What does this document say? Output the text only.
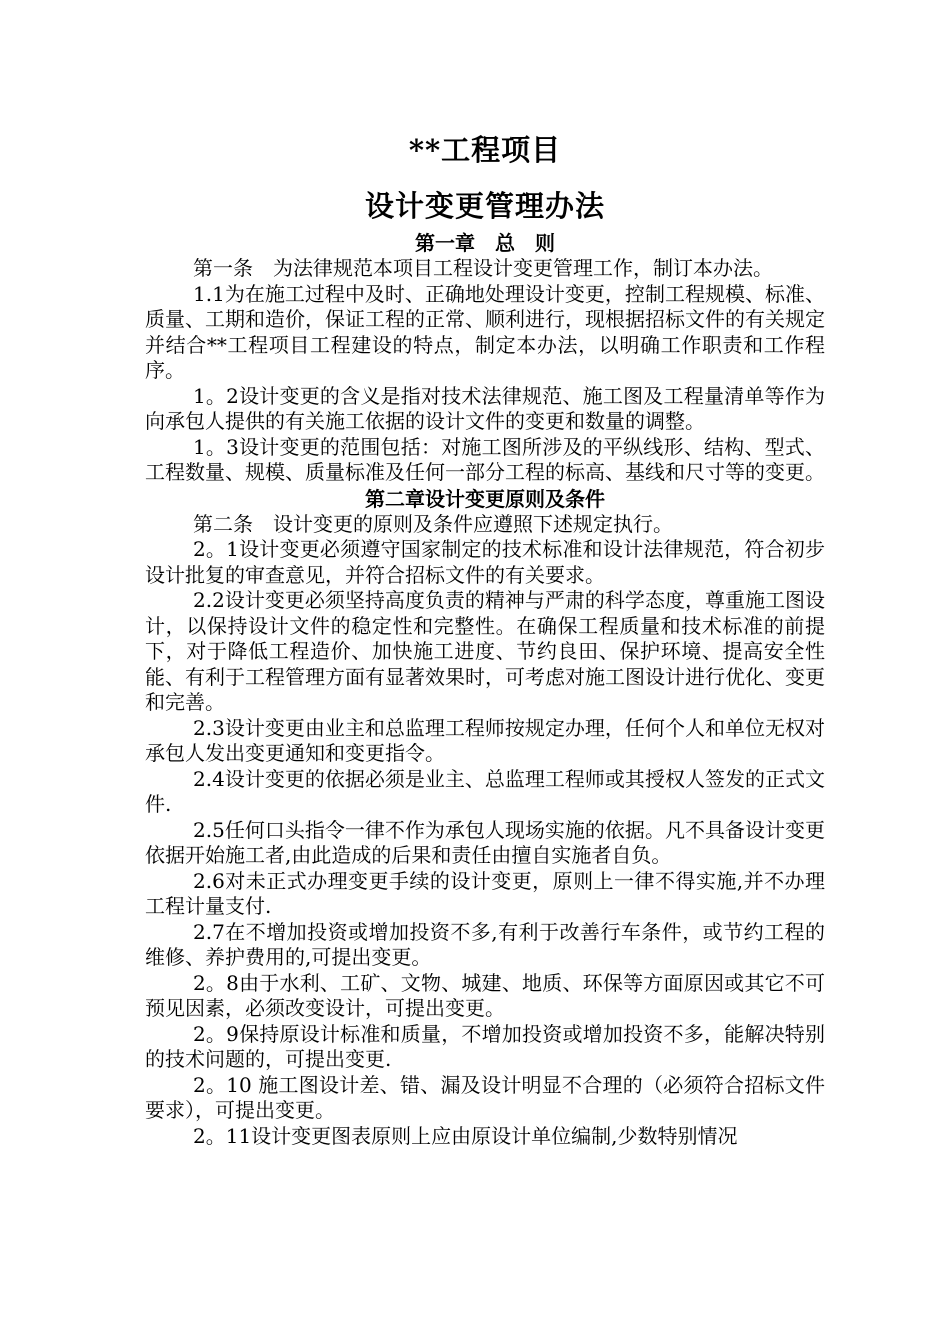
**工程项目
设计变更管理办法
第一章　总　则

第一条　为法律规范本项目工程设计变更管理工作，制订本办法。

1.1为在施工过程中及时、正确地处理设计变更，控制工程规模、标准、质量、工期和造价，保证工程的正常、顺利进行，现根据招标文件的有关规定并结合**工程项目工程建设的特点，制定本办法，以明确工作职责和工作程序。

1。2设计变更的含义是指对技术法律规范、施工图及工程量清单等作为向承包人提供的有关施工依据的设计文件的变更和数量的调整。

1。3设计变更的范围包括：对施工图所涉及的平纵线形、结构、型式、工程数量、规模、质量标准及任何一部分工程的标高、基线和尺寸等的变更。

第二章设计变更原则及条件

第二条　设计变更的原则及条件应遵照下述规定执行。

2。1设计变更必须遵守国家制定的技术标准和设计法律规范，符合初步设计批复的审查意见，并符合招标文件的有关要求。

2.2设计变更必须坚持高度负责的精神与严肃的科学态度，尊重施工图设计，以保持设计文件的稳定性和完整性。在确保工程质量和技术标准的前提下，对于降低工程造价、加快施工进度、节约良田、保护环境、提高安全性能、有利于工程管理方面有显著效果时，可考虑对施工图设计进行优化、变更和完善。

2.3设计变更由业主和总监理工程师按规定办理，任何个人和单位无权对承包人发出变更通知和变更指令。

2.4设计变更的依据必须是业主、总监理工程师或其授权人签发的正式文件.

2.5任何口头指令一律不作为承包人现场实施的依据。凡不具备设计变更依据开始施工者,由此造成的后果和责任由擅自实施者自负。

2.6对未正式办理变更手续的设计变更，原则上一律不得实施,并不办理工程计量支付.

2.7在不增加投资或增加投资不多,有利于改善行车条件，或节约工程的维修、养护费用的,可提出变更。

2。8由于水利、工矿、文物、城建、地质、环保等方面原因或其它不可预见因素，必须改变设计，可提出变更。

2。9保持原设计标准和质量，不增加投资或增加投资不多，能解决特别的技术问题的，可提出变更.

2。10 施工图设计差、错、漏及设计明显不合理的（必须符合招标文件要求），可提出变更。

2。11设计变更图表原则上应由原设计单位编制,少数特别情况
